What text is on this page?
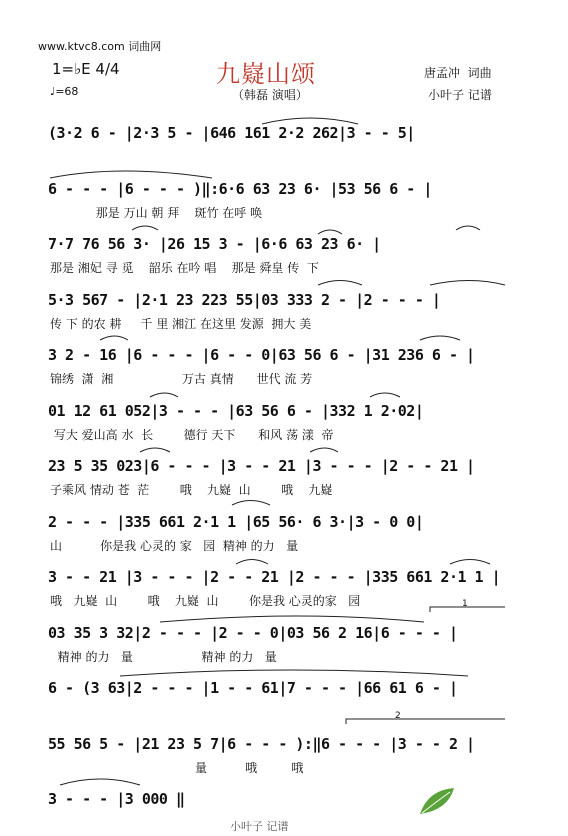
www.ktvc8.com 词曲网
九嶷山颂
（韩磊 演唱）
1=♭E 4/4
♩=68
唐孟冲  词曲
小叶子 记谱
(3·2 6 - |2·3 5 - |646 161 2·2 262|3 - - 5|
6 - - - |6 - - - )‖:6·6 63 23 6· |53 56 6 - |
那是 万山 朝 拜    斑竹 在呼 唤
7·7 76 56 3· |26 15 3 - |6·6 63 23 6· |
那是 湘妃 寻 觅    韶乐 在吟 唱    那是 舜皇 传  下
5·3 567 - |2·1 23 223 55|03 333 2 - |2 - - - |
传 下 的农 耕     千 里 湘江 在这里 发源  拥大 美
3 2 - 16 |6 - - - |6 - - 0|63 56 6 - |31 236 6 - |
锦绣  潇  湘                  万古 真情      世代 流 芳
01 12 61 052|3 - - - |63 56 6 - |332 1 2·02|
写大 爱山高 水  长        德行 天下      和风 荡 漾  帝
23 5 35 023|6 - - - |3 - - 21 |3 - - - |2 - - 21 |
子乘风 情动 苍  茫        哦    九嶷  山        哦    九嶷
2 - - - |335 661 2·1 1 |65 56· 6 3·|3 - 0 0|
山          你是我 心灵的 家   园  精神 的力   量
3 - - 21 |3 - - - |2 - - 21 |2 - - - |335 661 2·1 1 |
哦   九嶷  山        哦    九嶷  山        你是我 心灵的家   园
03 35 3 32|2 - - - |2 - - 0|03 56 2 16|6 - - - |
精神 的力   量                  精神 的力   量
6 - (3 63|2 - - - |1 - - 61|7 - - - |66 61 6 - |
55 56 5 - |21 23 5 7|6 - - - ):‖6 - - - |3 - - 2 |
量          哦         哦
3 - - - |3 000 ‖
1
2
小叶子 记谱
